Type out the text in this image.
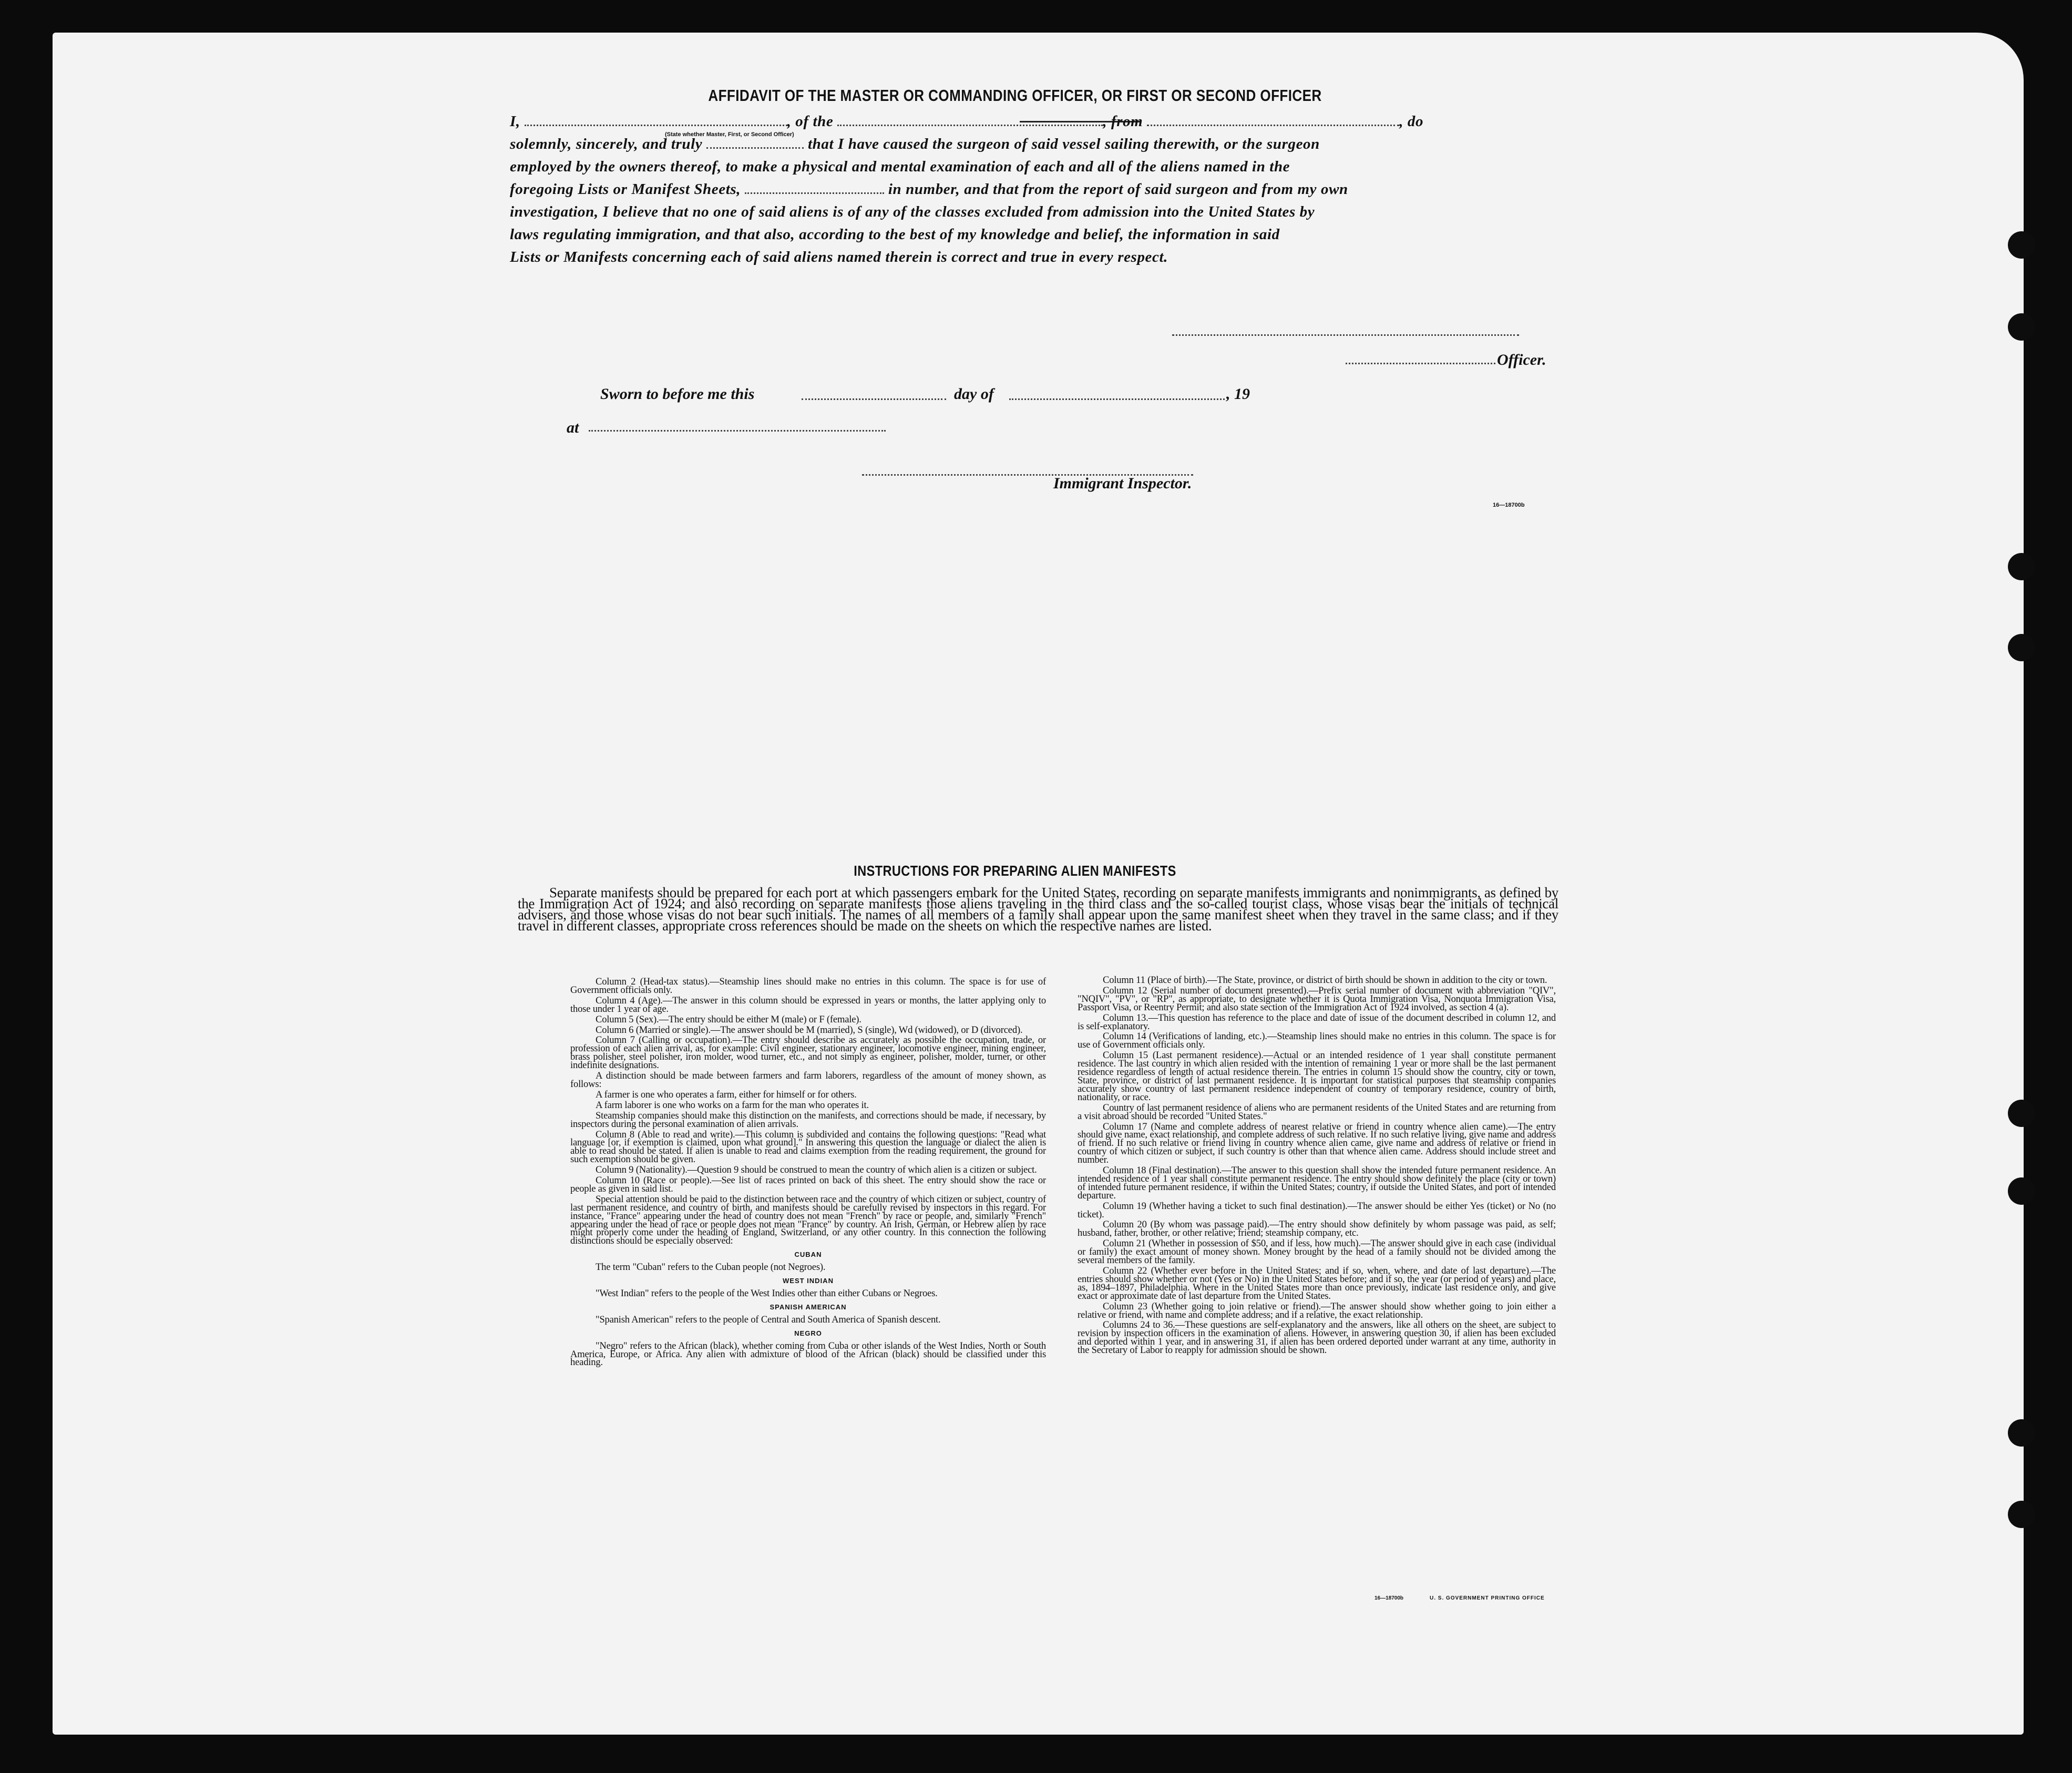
AFFIDAVIT OF THE MASTER OR COMMANDING OFFICER, OR FIRST OR SECOND OFFICER
I,	, of the	, from	, do
solemnly, sincerely, and truly	that I have caused the surgeon of said vessel sailing therewith, or the surgeon
employed by the owners thereof, to make a physical and mental examination of each and all of the aliens named in the
foregoing Lists or Manifest Sheets,	in number, and that from the report of said surgeon and from my own
investigation, I believe that no one of said aliens is of any of the classes excluded from admission into the United States by
laws regulating immigration, and that also, according to the best of my knowledge and belief, the information in said
Lists or Manifests concerning each of said aliens named therein is correct and true in every respect.
(State whether Master, First, or Second Officer)
Officer.
Sworn to before me this	day of	, 19
at
Immigrant Inspector.
16—18700b
INSTRUCTIONS FOR PREPARING ALIEN MANIFESTS

Separate manifests should be prepared for each port at which passengers embark for the United States, recording on separate manifests immigrants and nonimmigrants, as defined by the Immigration Act of 1924; and also recording on separate manifests those aliens traveling in the third class and the so-called tourist class, whose visas bear the initials of technical advisers, and those whose visas do not bear such initials. The names of all members of a family shall appear upon the same manifest sheet when they travel in the same class; and if they travel in different classes, appropriate cross references should be made on the sheets on which the respective names are listed.

Column 2 (Head-tax status).—Steamship lines should make no entries in this column. The space is for use of Government officials only.

Column 4 (Age).—The answer in this column should be expressed in years or months, the latter applying only to those under 1 year of age.

Column 5 (Sex).—The entry should be either M (male) or F (female).

Column 6 (Married or single).—The answer should be M (married), S (single), Wd (widowed), or D (divorced).

Column 7 (Calling or occupation).—The entry should describe as accurately as possible the occupation, trade, or profession of each alien arrival, as, for example: Civil engineer, stationary engineer, locomotive engineer, mining engineer, brass polisher, steel polisher, iron molder, wood turner, etc., and not simply as engineer, polisher, molder, turner, or other indefinite designations.

A distinction should be made between farmers and farm laborers, regardless of the amount of money shown, as follows:

A farmer is one who operates a farm, either for himself or for others.

A farm laborer is one who works on a farm for the man who operates it.

Steamship companies should make this distinction on the manifests, and corrections should be made, if necessary, by inspectors during the personal examination of alien arrivals.

Column 8 (Able to read and write).—This column is subdivided and contains the following questions: "Read what language [or, if exemption is claimed, upon what ground]." In answering this question the language or dialect the alien is able to read should be stated. If alien is unable to read and claims exemption from the reading requirement, the ground for such exemption should be given.

Column 9 (Nationality).—Question 9 should be construed to mean the country of which alien is a citizen or subject.

Column 10 (Race or people).—See list of races printed on back of this sheet. The entry should show the race or people as given in said list.

Special attention should be paid to the distinction between race and the country of which citizen or subject, country of last permanent residence, and country of birth, and manifests should be carefully revised by inspectors in this regard. For instance, "France" appearing under the head of country does not mean "French" by race or people, and, similarly "French" appearing under the head of race or people does not mean "France" by country. An Irish, German, or Hebrew alien by race might properly come under the heading of England, Switzerland, or any other country. In this connection the following distinctions should be especially observed:

CUBAN

The term "Cuban" refers to the Cuban people (not Negroes).

WEST INDIAN

"West Indian" refers to the people of the West Indies other than either Cubans or Negroes.

SPANISH AMERICAN

"Spanish American" refers to the people of Central and South America of Spanish descent.

NEGRO

"Negro" refers to the African (black), whether coming from Cuba or other islands of the West Indies, North or South America, Europe, or Africa. Any alien with admixture of blood of the African (black) should be classified under this heading.

Column 11 (Place of birth).—The State, province, or district of birth should be shown in addition to the city or town.

Column 12 (Serial number of document presented).—Prefix serial number of document with abbreviation "QIV", "NQIV", "PV", or "RP", as appropriate, to designate whether it is Quota Immigration Visa, Nonquota Immigration Visa, Passport Visa, or Reentry Permit; and also state section of the Immigration Act of 1924 involved, as section 4 (a).

Column 13.—This question has reference to the place and date of issue of the document described in column 12, and is self-explanatory.

Column 14 (Verifications of landing, etc.).—Steamship lines should make no entries in this column. The space is for use of Government officials only.

Column 15 (Last permanent residence).—Actual or an intended residence of 1 year shall constitute permanent residence. The last country in which alien resided with the intention of remaining 1 year or more shall be the last permanent residence regardless of length of actual residence therein. The entries in column 15 should show the country, city or town, State, province, or district of last permanent residence. It is important for statistical purposes that steamship companies accurately show country of last permanent residence independent of country of temporary residence, country of birth, nationality, or race.

Country of last permanent residence of aliens who are permanent residents of the United States and are returning from a visit abroad should be recorded "United States."

Column 17 (Name and complete address of nearest relative or friend in country whence alien came).—The entry should give name, exact relationship, and complete address of such relative. If no such relative living, give name and address of friend. If no such relative or friend living in country whence alien came, give name and address of relative or friend in country of which citizen or subject, if such country is other than that whence alien came. Address should include street and number.

Column 18 (Final destination).—The answer to this question shall show the intended future permanent residence. An intended residence of 1 year shall constitute permanent residence. The entry should show definitely the place (city or town) of intended future permanent residence, if within the United States; country, if outside the United States, and port of intended departure.

Column 19 (Whether having a ticket to such final destination).—The answer should be either Yes (ticket) or No (no ticket).

Column 20 (By whom was passage paid).—The entry should show definitely by whom passage was paid, as self; husband, father, brother, or other relative; friend; steamship company, etc.

Column 21 (Whether in possession of $50, and if less, how much).—The answer should give in each case (individual or family) the exact amount of money shown. Money brought by the head of a family should not be divided among the several members of the family.

Column 22 (Whether ever before in the United States; and if so, when, where, and date of last departure).—The entries should show whether or not (Yes or No) in the United States before; and if so, the year (or period of years) and place, as, 1894–1897, Philadelphia. Where in the United States more than once previously, indicate last residence only, and give exact or approximate date of last departure from the United States.

Column 23 (Whether going to join relative or friend).—The answer should show whether going to join either a relative or friend, with name and complete address; and if a relative, the exact relationship.

Columns 24 to 36.—These questions are self-explanatory and the answers, like all others on the sheet, are subject to revision by inspection officers in the examination of aliens. However, in answering question 30, if alien has been excluded and deported within 1 year, and in answering 31, if alien has been ordered deported under warrant at any time, authority in the Secretary of Labor to reapply for admission should be shown.

16—18700b	U. S. GOVERNMENT PRINTING OFFICE
